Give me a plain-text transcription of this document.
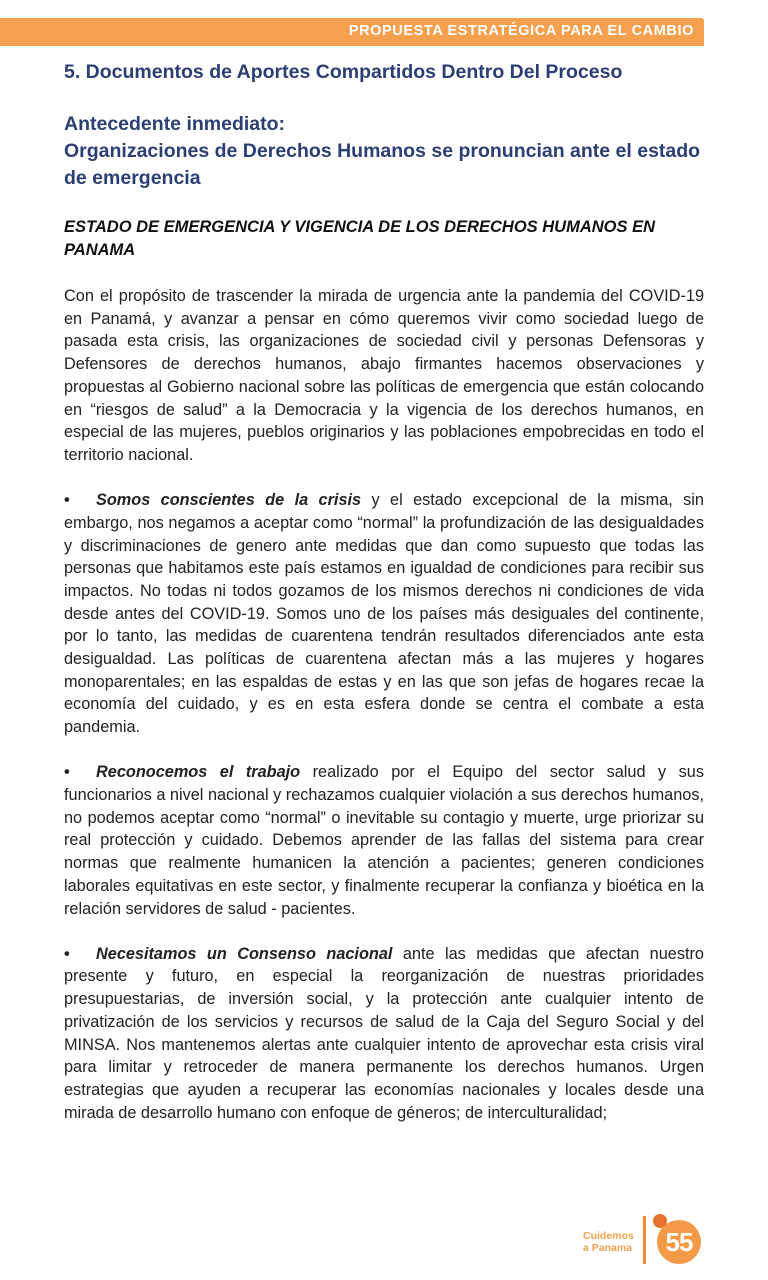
PROPUESTA ESTRATÉGICA PARA EL CAMBIO
5. Documentos de Aportes Compartidos Dentro Del Proceso
Antecedente inmediato:
Organizaciones de Derechos Humanos se pronuncian ante el estado de emergencia
ESTADO DE EMERGENCIA Y VIGENCIA DE LOS DERECHOS HUMANOS EN PANAMA

Con el propósito de trascender la mirada de urgencia ante la pandemia del COVID-19 en Panamá, y avanzar a pensar en cómo queremos vivir como sociedad luego de pasada esta crisis, las organizaciones de sociedad civil y personas Defensoras y Defensores de derechos humanos, abajo firmantes hacemos observaciones y propuestas al Gobierno nacional sobre las políticas de emergencia que están colocando en “riesgos de salud” a la Democracia y la vigencia de los derechos humanos, en especial de las mujeres, pueblos originarios y las poblaciones empobrecidas en todo el territorio nacional.

• Somos conscientes de la crisis y el estado excepcional de la misma, sin embargo, nos negamos a aceptar como “normal” la profundización de las desigualdades y discriminaciones de genero ante medidas que dan como supuesto que todas las personas que habitamos este país estamos en igualdad de condiciones para recibir sus impactos. No todas ni todos gozamos de los mismos derechos ni condiciones de vida desde antes del COVID-19. Somos uno de los países más desiguales del continente, por lo tanto, las medidas de cuarentena tendrán resultados diferenciados ante esta desigualdad. Las políticas de cuarentena afectan más a las mujeres y hogares monoparentales; en las espaldas de estas y en las que son jefas de hogares recae la economía del cuidado, y es en esta esfera donde se centra el combate a esta pandemia.

• Reconocemos el trabajo realizado por el Equipo del sector salud y sus funcionarios a nivel nacional y rechazamos cualquier violación a sus derechos humanos, no podemos aceptar como “normal” o inevitable su contagio y muerte, urge priorizar su real protección y cuidado. Debemos aprender de las fallas del sistema para crear normas que realmente humanicen la atención a pacientes; generen condiciones laborales equitativas en este sector, y finalmente recuperar la confianza y bioética en la relación servidores de salud - pacientes.

• Necesitamos un Consenso nacional ante las medidas que afectan nuestro presente y futuro, en especial la reorganización de nuestras prioridades presupuestarias, de inversión social, y la protección ante cualquier intento de privatización de los servicios y recursos de salud de la Caja del Seguro Social y del MINSA. Nos mantenemos alertas ante cualquier intento de aprovechar esta crisis viral para limitar y retroceder de manera permanente los derechos humanos. Urgen estrategias que ayuden a recuperar las economías nacionales y locales desde una mirada de desarrollo humano con enfoque de géneros; de interculturalidad;

Cuidemos
a Panama	55
